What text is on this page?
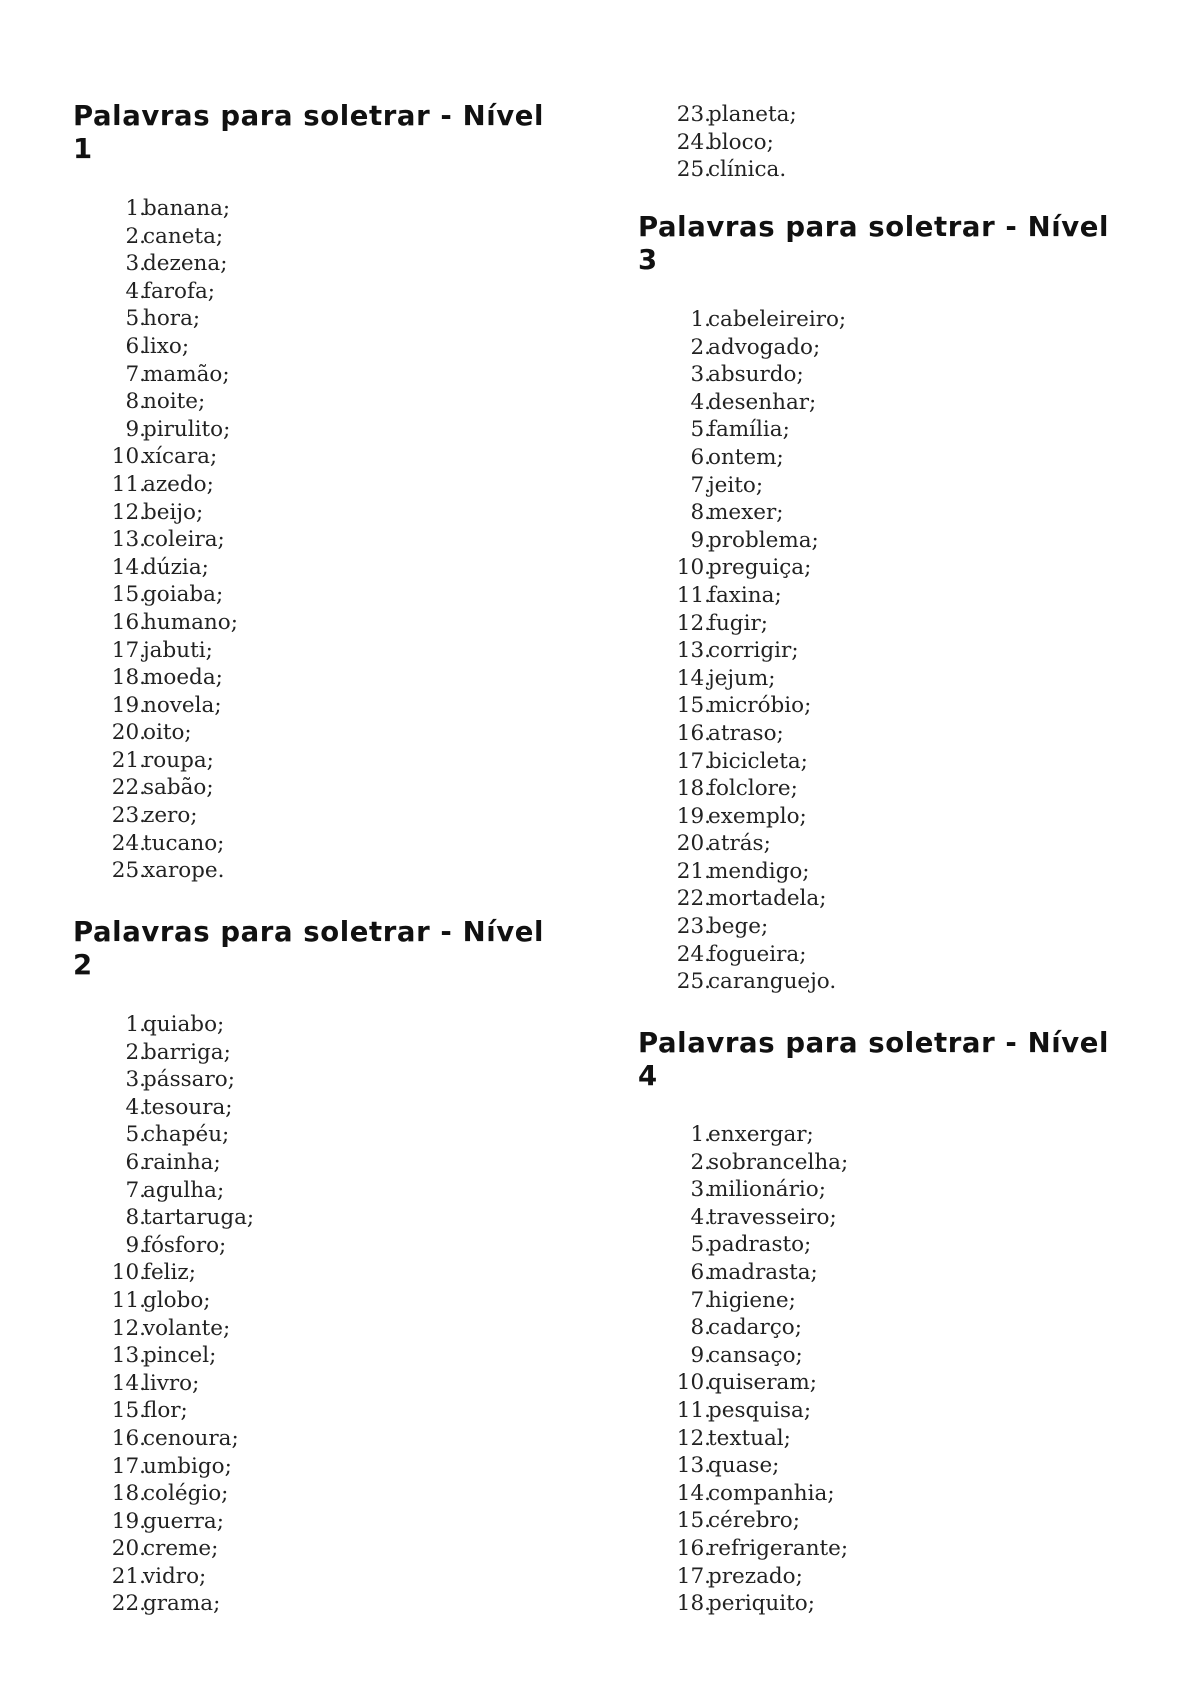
Palavras para soletrar - Nível 1
1.
banana;
2.
caneta;
3.
dezena;
4.
farofa;
5.
hora;
6.
lixo;
7.
mamão;
8.
noite;
9.
pirulito;
10.
xícara;
11.
azedo;
12.
beijo;
13.
coleira;
14.
dúzia;
15.
goiaba;
16.
humano;
17.
jabuti;
18.
moeda;
19.
novela;
20.
oito;
21.
roupa;
22.
sabão;
23.
zero;
24.
tucano;
25.
xarope.
Palavras para soletrar - Nível 2
1.
quiabo;
2.
barriga;
3.
pássaro;
4.
tesoura;
5.
chapéu;
6.
rainha;
7.
agulha;
8.
tartaruga;
9.
fósforo;
10.
feliz;
11.
globo;
12.
volante;
13.
pincel;
14.
livro;
15.
flor;
16.
cenoura;
17.
umbigo;
18.
colégio;
19.
guerra;
20.
creme;
21.
vidro;
22.
grama;
23.
planeta;
24.
bloco;
25.
clínica.
Palavras para soletrar - Nível 3
1.
cabeleireiro;
2.
advogado;
3.
absurdo;
4.
desenhar;
5.
família;
6.
ontem;
7.
jeito;
8.
mexer;
9.
problema;
10.
preguiça;
11.
faxina;
12.
fugir;
13.
corrigir;
14.
jejum;
15.
micróbio;
16.
atraso;
17.
bicicleta;
18.
folclore;
19.
exemplo;
20.
atrás;
21.
mendigo;
22.
mortadela;
23.
bege;
24.
fogueira;
25.
caranguejo.
Palavras para soletrar - Nível 4
1.
enxergar;
2.
sobrancelha;
3.
milionário;
4.
travesseiro;
5.
padrasto;
6.
madrasta;
7.
higiene;
8.
cadarço;
9.
cansaço;
10.
quiseram;
11.
pesquisa;
12.
textual;
13.
quase;
14.
companhia;
15.
cérebro;
16.
refrigerante;
17.
prezado;
18.
periquito;
